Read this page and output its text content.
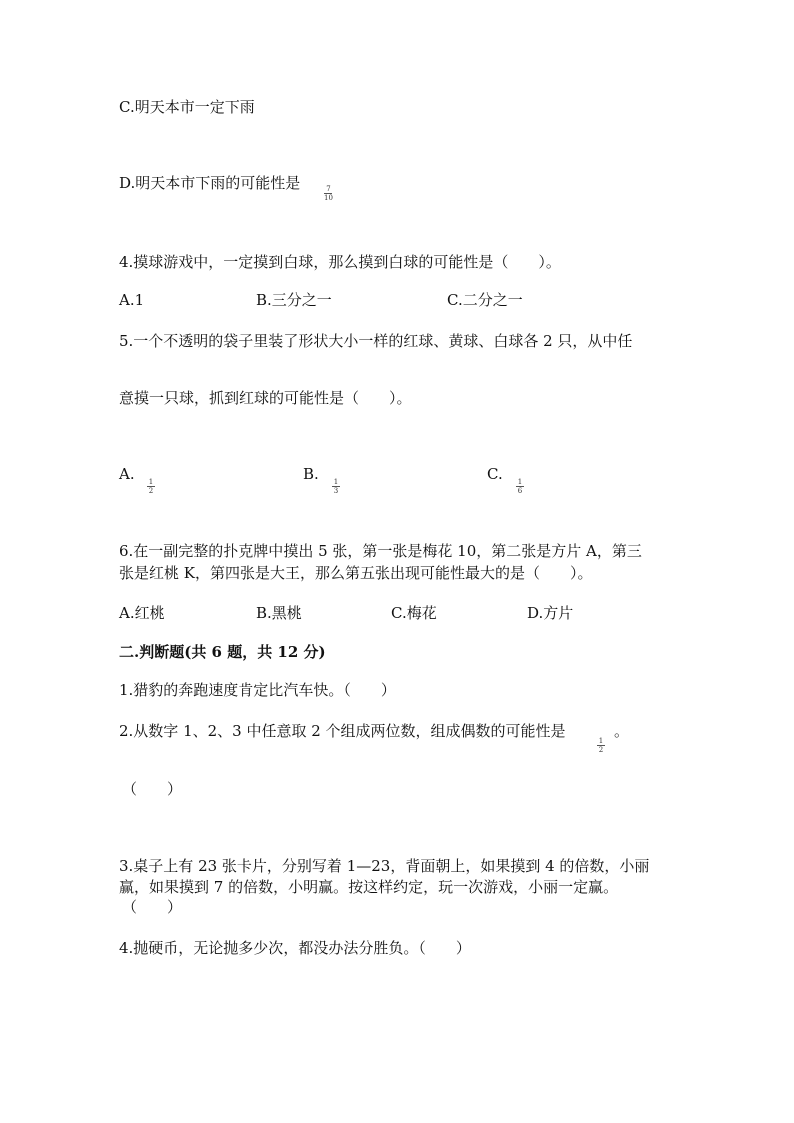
C.明天本市一定下雨
D.明天本市下雨的可能性是	7
10
4.摸球游戏中，一定摸到白球，那么摸到白球的可能性是（　　）。
A.1	B.三分之一	C.二分之一
5.一个不透明的袋子里装了形状大小一样的红球、黄球、白球各 2 只，从中任
意摸一只球，抓到红球的可能性是（　　）。
A. 1
2
B. 1
3
C. 1
6
6.在一副完整的扑克牌中摸出 5 张，第一张是梅花 10，第二张是方片 A，第三
张是红桃 K，第四张是大王，那么第五张出现可能性最大的是（　　）。
A.红桃	B.黑桃	C.梅花	D.方片
二.判断题(共 6 题，共 12 分)
1.猎豹的奔跑速度肯定比汽车快。（　　）
2.从数字 1、2、3 中任意取 2 个组成两位数，组成偶数的可能性是
1
2
。
（　　）
3.桌子上有 23 张卡片，分别写着 1—23，背面朝上，如果摸到 4 的倍数，小丽
赢，如果摸到 7 的倍数，小明赢。按这样约定，玩一次游戏，小丽一定赢。
（　　）
4.抛硬币，无论抛多少次，都没办法分胜负。（　　）
